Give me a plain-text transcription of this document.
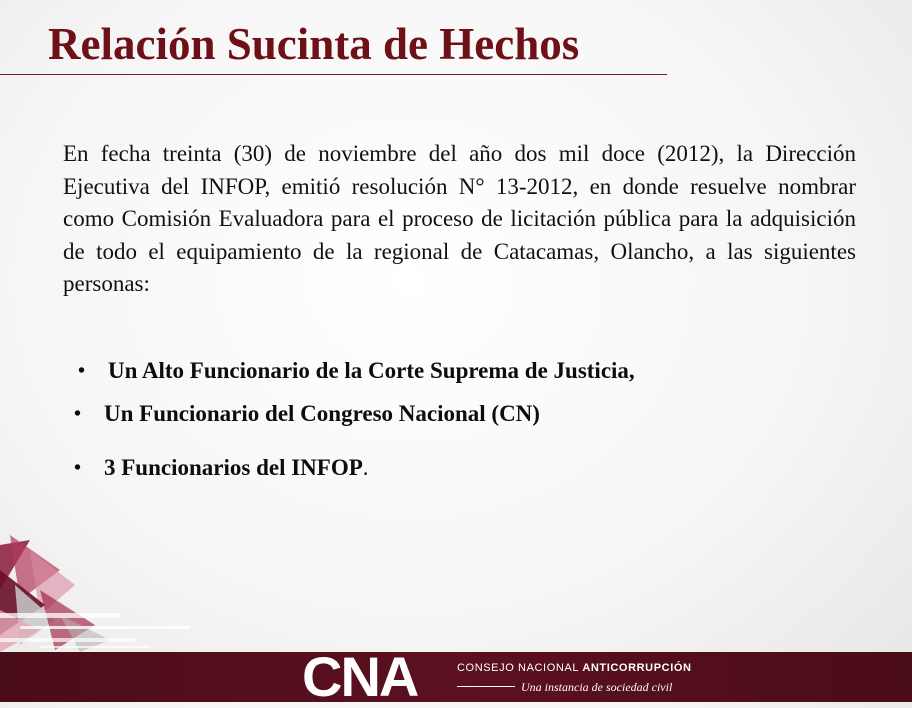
Relación Sucinta de Hechos

En fecha treinta (30) de noviembre del año dos mil doce (2012), la Dirección Ejecutiva del INFOP, emitió resolución N° 13-2012, en donde resuelve nombrar como Comisión Evaluadora para el proceso de licitación pública para la adquisición de todo el equipamiento de la regional de Catacamas, Olancho, a las siguientes personas:

• Un Alto Funcionario de la Corte Suprema de Justicia,
• Un Funcionario del Congreso Nacional (CN)
• 3 Funcionarios del INFOP.
CNA	CONSEJO NACIONAL ANTICORRUPCIÓN
Una instancia de sociedad civil
